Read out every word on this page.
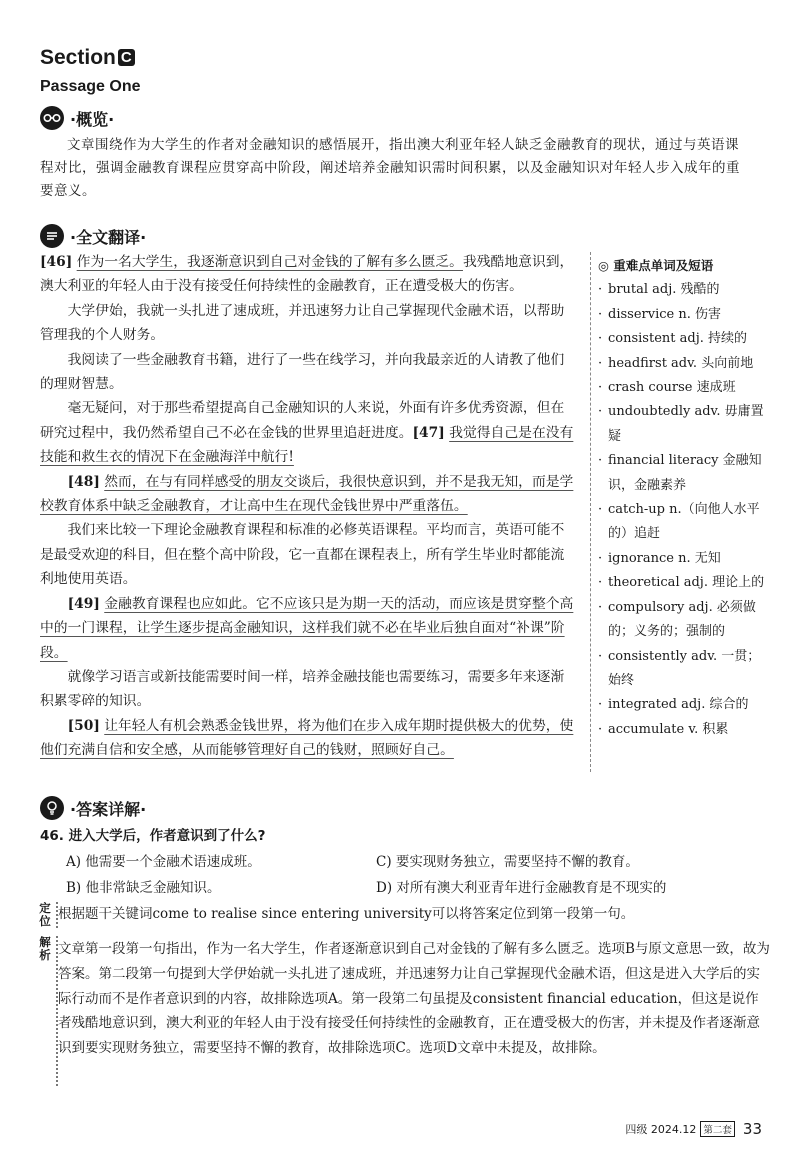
Section C
Passage One
·概览·
文章围绕作为大学生的作者对金融知识的感悟展开，指出澳大利亚年轻人缺乏金融教育的现状，通过与英语课程对比，强调金融教育课程应贯穿高中阶段，阐述培养金融知识需时间积累，以及金融知识对年轻人步入成年的重要意义。
·全文翻译·

[46] 作为一名大学生，我逐渐意识到自己对金钱的了解有多么匮乏。我残酷地意识到，澳大利亚的年轻人由于没有接受任何持续性的金融教育，正在遭受极大的伤害。

大学伊始，我就一头扎进了速成班，并迅速努力让自己掌握现代金融术语，以帮助管理我的个人财务。

我阅读了一些金融教育书籍，进行了一些在线学习，并向我最亲近的人请教了他们的理财智慧。

毫无疑问，对于那些希望提高自己金融知识的人来说，外面有许多优秀资源，但在研究过程中，我仍然希望自己不必在金钱的世界里追赶进度。[47] 我觉得自己是在没有技能和救生衣的情况下在金融海洋中航行!

[48] 然而，在与有同样感受的朋友交谈后，我很快意识到，并不是我无知，而是学校教育体系中缺乏金融教育，才让高中生在现代金钱世界中严重落伍。

我们来比较一下理论金融教育课程和标准的必修英语课程。平均而言，英语可能不是最受欢迎的科目，但在整个高中阶段，它一直都在课程表上，所有学生毕业时都能流利地使用英语。

[49] 金融教育课程也应如此。它不应该只是为期一天的活动，而应该是贯穿整个高中的一门课程，让学生逐步提高金融知识，这样我们就不必在毕业后独自面对“补课”阶段。

就像学习语言或新技能需要时间一样，培养金融技能也需要练习，需要多年来逐渐积累零碎的知识。

[50] 让年轻人有机会熟悉金钱世界，将为他们在步入成年期时提供极大的优势，使他们充满自信和安全感，从而能够管理好自己的钱财，照顾好自己。

◎ 重难点单词及短语
· brutal adj. 残酷的
· disservice n. 伤害
· consistent adj. 持续的
· headfirst adv. 头向前地
· crash course 速成班
· undoubtedly adv. 毋庸置疑
· financial literacy 金融知识，金融素养
· catch-up n.（向他人水平的）追赶
· ignorance n. 无知
· theoretical adj. 理论上的
· compulsory adj. 必须做的；义务的；强制的
· consistently adv. 一贯；始终
· integrated adj. 综合的
· accumulate v. 积累
·答案详解·
46. 进入大学后，作者意识到了什么?
A) 他需要一个金融术语速成班。	C) 要实现财务独立，需要坚持不懈的教育。
B) 他非常缺乏金融知识。	D) 对所有澳大利亚青年进行金融教育是不现实的
定位 根据题干关键词come to realise since entering university可以将答案定位到第一段第一句。
解析 文章第一段第一句指出，作为一名大学生，作者逐渐意识到自己对金钱的了解有多么匮乏。选项B与原文意思一致，故为答案。第二段第一句提到大学伊始就一头扎进了速成班，并迅速努力让自己掌握现代金融术语，但这是进入大学后的实际行动而不是作者意识到的内容，故排除选项A。第一段第二句虽提及consistent financial education，但这是说作者残酷地意识到，澳大利亚的年轻人由于没有接受任何持续性的金融教育，正在遭受极大的伤害，并未提及作者逐渐意识到要实现财务独立，需要坚持不懈的教育，故排除选项C。选项D文章中未提及，故排除。
四级 2024.12 第二套 33
